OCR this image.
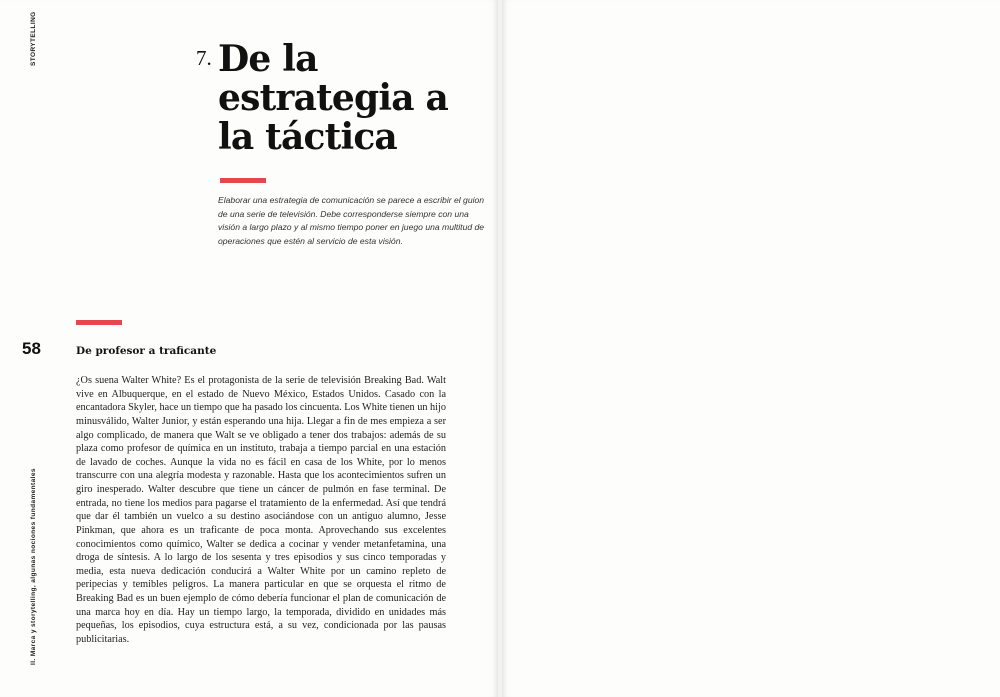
STORYTELLING
II. Marca y storytelling, algunas nociones fundamentales
58
7. De la estrategia a la táctica

Elaborar una estrategia de comunicación se parece a escribir el guion de una serie de televisión. Debe corresponderse siempre con una visión a largo plazo y al mismo tiempo poner en juego una multitud de operaciones que estén al servicio de esta visión.

De profesor a traficante

¿Os suena Walter White? Es el protagonista de la serie de televisión Breaking Bad. Walt vive en Albuquerque, en el estado de Nuevo México, Estados Unidos. Casado con la encantadora Skyler, hace un tiempo que ha pasado los cincuenta. Los White tienen un hijo minusválido, Walter Junior, y están esperando una hija. Llegar a fin de mes empieza a ser algo complicado, de manera que Walt se ve obligado a tener dos trabajos: además de su plaza como profesor de química en un instituto, trabaja a tiempo parcial en una estación de lavado de coches. Aunque la vida no es fácil en casa de los White, por lo menos transcurre con una alegría modesta y razonable. Hasta que los acontecimientos sufren un giro inesperado. Walter descubre que tiene un cáncer de pulmón en fase terminal. De entrada, no tiene los medios para pagarse el tratamiento de la enfermedad. Así que tendrá que dar él también un vuelco a su destino asociándose con un antiguo alumno, Jesse Pinkman, que ahora es un traficante de poca monta. Aprovechando sus excelentes conocimientos como químico, Walter se dedica a cocinar y vender metanfetamina, una droga de síntesis. A lo largo de los sesenta y tres episodios y sus cinco temporadas y media, esta nueva dedicación conducirá a Walter White por un camino repleto de peripecias y temibles peligros. La manera particular en que se orquesta el ritmo de Breaking Bad es un buen ejemplo de cómo debería funcionar el plan de comunicación de una marca hoy en día. Hay un tiempo largo, la temporada, dividido en unidades más pequeñas, los episodios, cuya estructura está, a su vez, condicionada por las pausas publicitarias.
